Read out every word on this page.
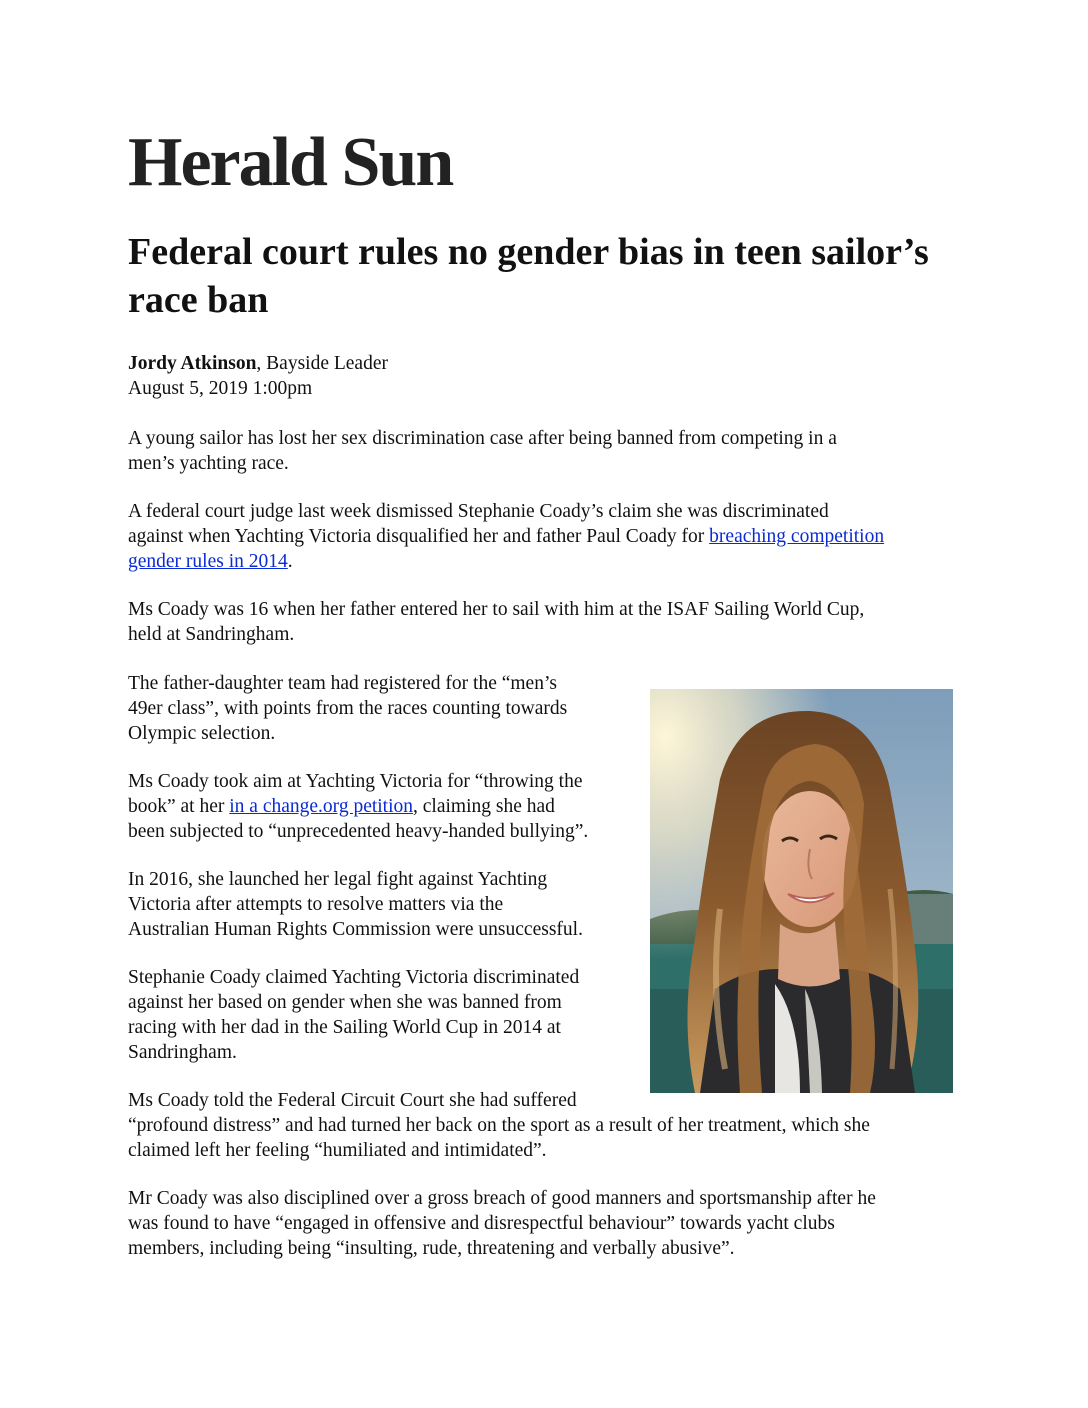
Herald Sun
Federal court rules no gender bias in teen sailor’s race ban
Jordy Atkinson, Bayside Leader
August 5, 2019 1:00pm

A young sailor has lost her sex discrimination case after being banned from competing in a
men’s yachting race.

A federal court judge last week dismissed Stephanie Coady’s claim she was discriminated
against when Yachting Victoria disqualified her and father Paul Coady for breaching competition
gender rules in 2014.

Ms Coady was 16 when her father entered her to sail with him at the ISAF Sailing World Cup,
held at Sandringham.

The father-daughter team had registered for the “men’s
49er class”, with points from the races counting towards
Olympic selection.

Ms Coady took aim at Yachting Victoria for “throwing the
book” at her in a change.org petition, claiming she had
been subjected to “unprecedented heavy-handed bullying”.

In 2016, she launched her legal fight against Yachting
Victoria after attempts to resolve matters via the
Australian Human Rights Commission were unsuccessful.

Stephanie Coady claimed Yachting Victoria discriminated
against her based on gender when she was banned from
racing with her dad in the Sailing World Cup in 2014 at
Sandringham.

Ms Coady told the Federal Circuit Court she had suffered
“profound distress” and had turned her back on the sport as a result of her treatment, which she
claimed left her feeling “humiliated and intimidated”.

Mr Coady was also disciplined over a gross breach of good manners and sportsmanship after he
was found to have “engaged in offensive and disrespectful behaviour” towards yacht clubs
members, including being “insulting, rude, threatening and verbally abusive”.
